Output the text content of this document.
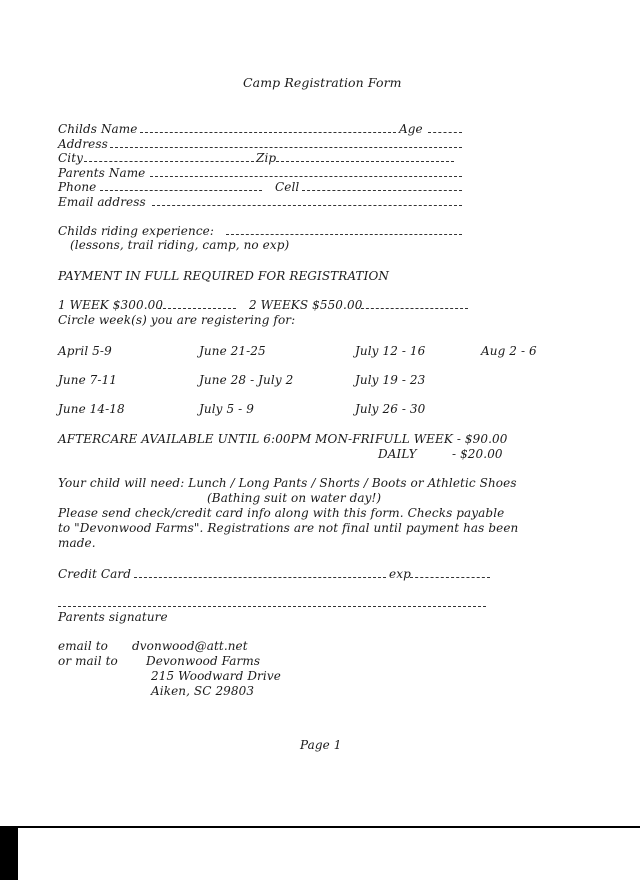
Camp Registration Form
Childs Name	Age
Address
City	Zip
Parents Name
Phone	Cell
Email address
Childs riding experience:
(lessons, trail riding, camp, no exp)
PAYMENT IN FULL REQUIRED FOR REGISTRATION
1 WEEK $300.00	2 WEEKS $550.00
Circle week(s) you are registering for:
April 5-9	June 21-25	July 12 - 16	Aug 2 - 6
June 7-11	June 28 - July 2	July 19 - 23
June 14-18	July 5 - 9	July 26 - 30
AFTERCARE AVAILABLE UNTIL 6:00PM MON-FRI FULL WEEK - $90.00
DAILY	- $20.00
Your child will need: Lunch / Long Pants / Shorts / Boots or Athletic Shoes
(Bathing suit on water day!)
Please send check/credit card info along with this form. Checks payable
to "Devonwood Farms". Registrations are not final until payment has been
made.
Credit Card	exp
Parents signature
email to dvonwood@att.net
or mail to Devonwood Farms
215 Woodward Drive
Aiken, SC 29803
Page 1
